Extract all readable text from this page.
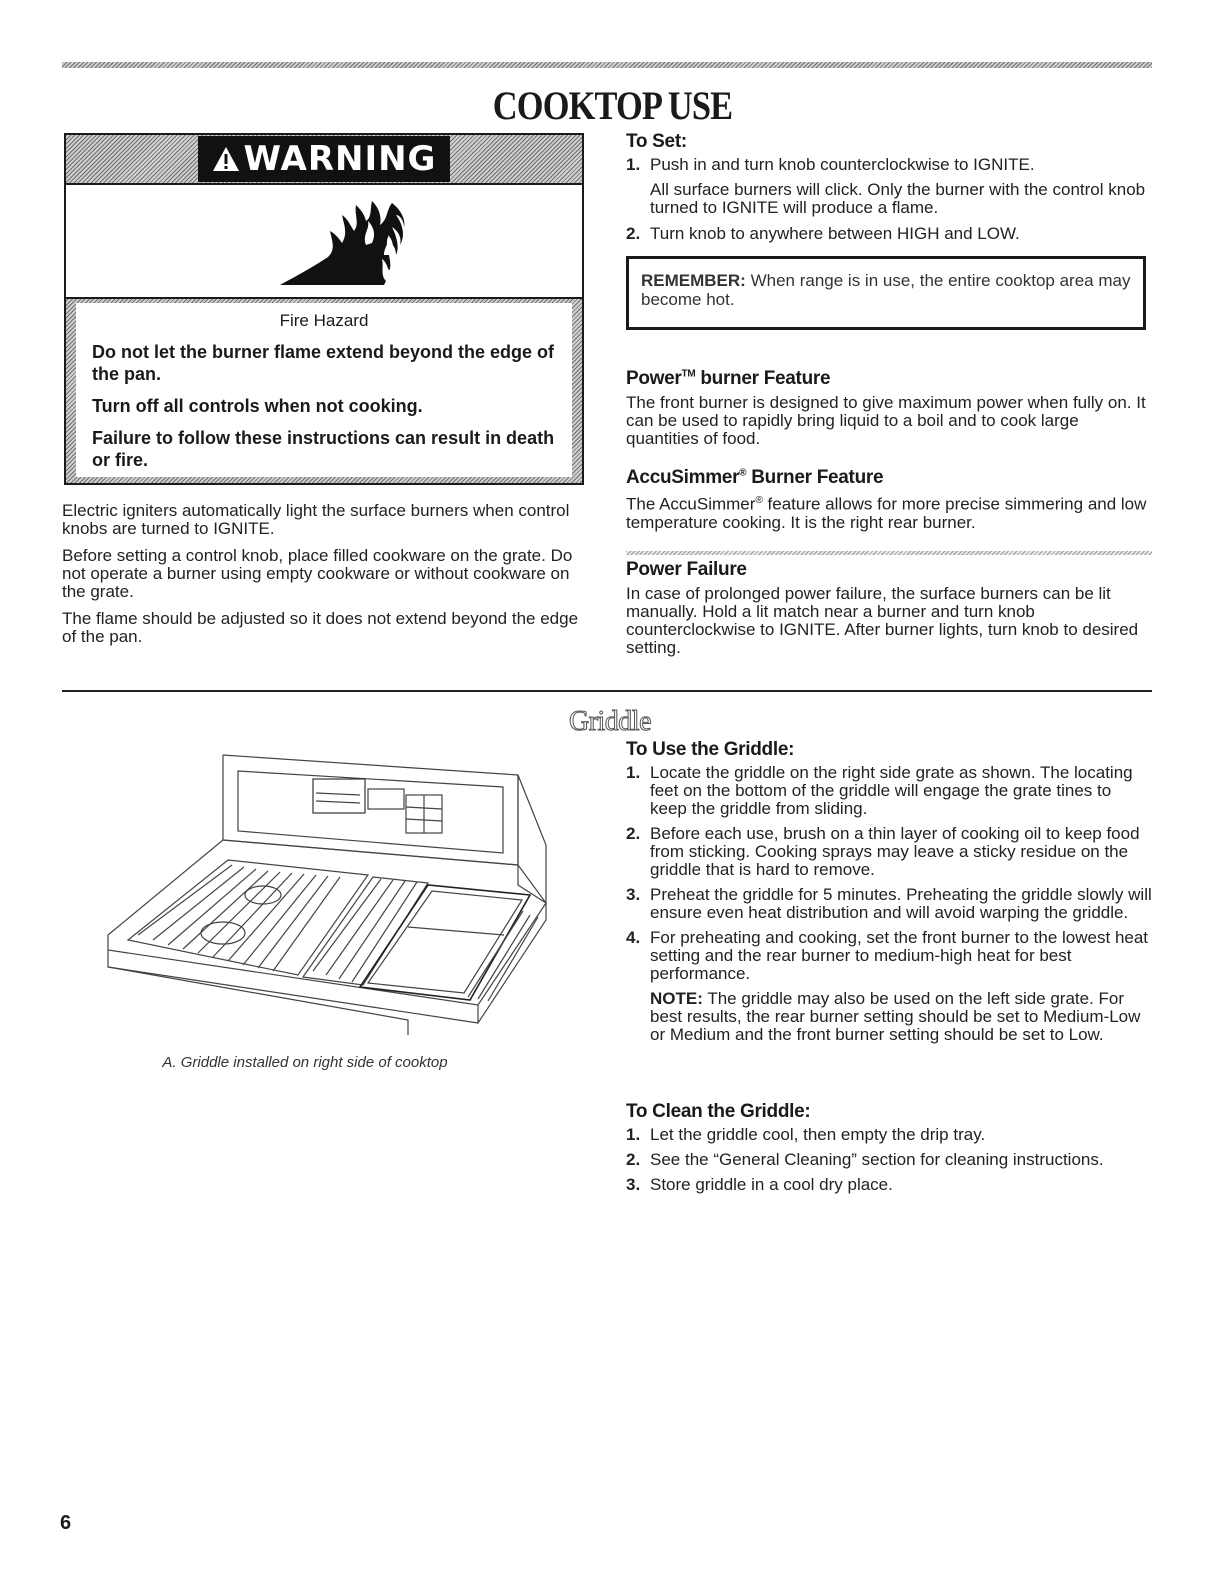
COOKTOP USE
WARNING
Fire Hazard
Do not let the burner flame extend beyond the edge of the pan.
Turn off all controls when not cooking.
Failure to follow these instructions can result in death or fire.

Electric igniters automatically light the surface burners when control knobs are turned to IGNITE.

Before setting a control knob, place filled cookware on the grate. Do not operate a burner using empty cookware or without cookware on the grate.

The flame should be adjusted so it does not extend beyond the edge of the pan.

To Set:
1. Push in and turn knob counterclockwise to IGNITE.
All surface burners will click. Only the burner with the control knob turned to IGNITE will produce a flame.
2. Turn knob to anywhere between HIGH and LOW.
REMEMBER: When range is in use, the entire cooktop area may become hot.
Power™ burner Feature

The front burner is designed to give maximum power when fully on. It can be used to rapidly bring liquid to a boil and to cook large quantities of food.

AccuSimmer® Burner Feature

The AccuSimmer® feature allows for more precise simmering and low temperature cooking. It is the right rear burner.

Power Failure

In case of prolonged power failure, the surface burners can be lit manually. Hold a lit match near a burner and turn knob counterclockwise to IGNITE. After burner lights, turn knob to desired setting.

Griddle
A. Griddle installed on right side of cooktop
To Use the Griddle:
1. Locate the griddle on the right side grate as shown. The locating feet on the bottom of the griddle will engage the grate tines to keep the griddle from sliding.
2. Before each use, brush on a thin layer of cooking oil to keep food from sticking. Cooking sprays may leave a sticky residue on the griddle that is hard to remove.
3. Preheat the griddle for 5 minutes. Preheating the griddle slowly will ensure even heat distribution and will avoid warping the griddle.
4. For preheating and cooking, set the front burner to the lowest heat setting and the rear burner to medium-high heat for best performance.
NOTE: The griddle may also be used on the left side grate. For best results, the rear burner setting should be set to Medium-Low or Medium and the front burner setting should be set to Low.
To Clean the Griddle:
1. Let the griddle cool, then empty the drip tray.
2. See the “General Cleaning” section for cleaning instructions.
3. Store griddle in a cool dry place.
6
